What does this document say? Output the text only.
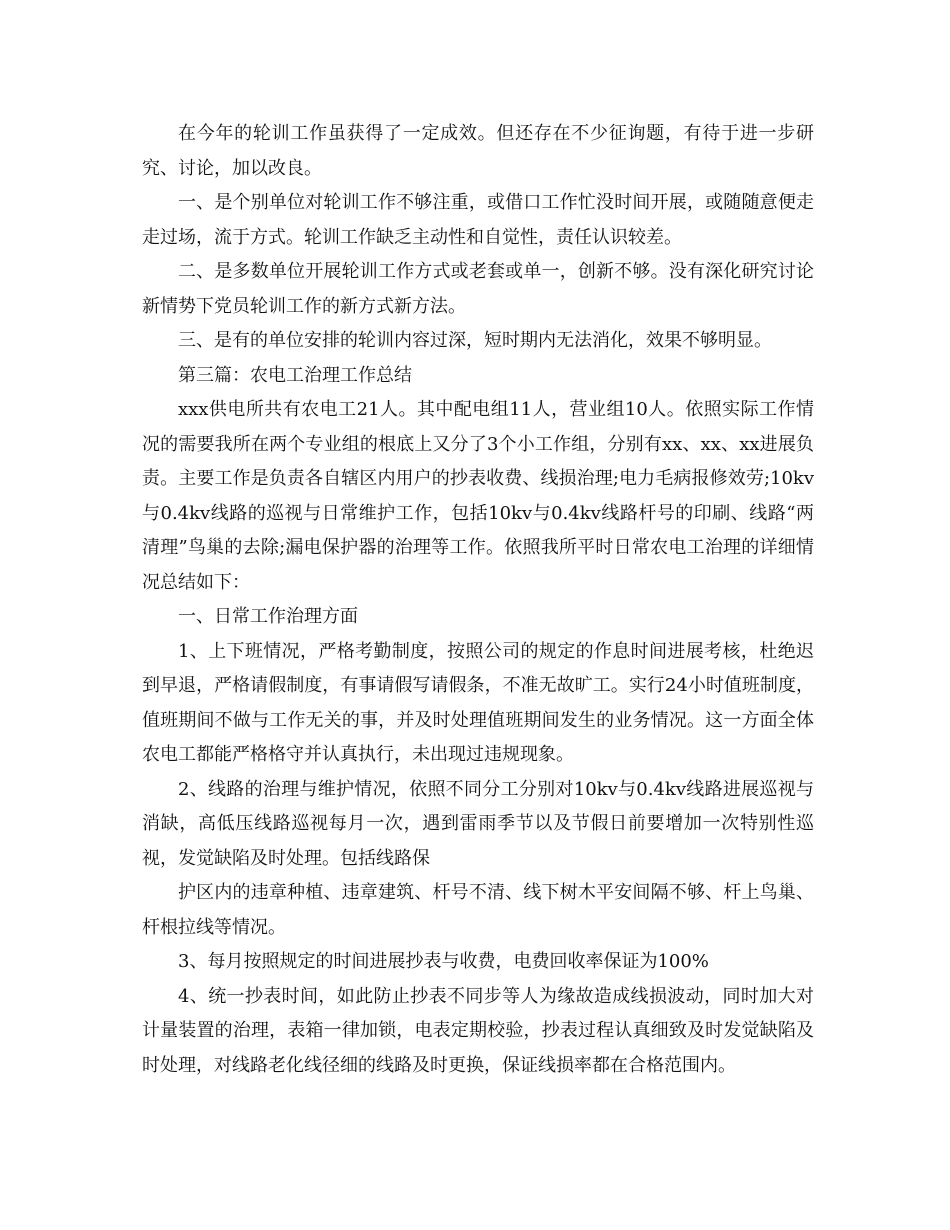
在今年的轮训工作虽获得了一定成效。但还存在不少征询题，有待于进一步研究、讨论，加以改良。

一、是个别单位对轮训工作不够注重，或借口工作忙没时间开展，或随随意便走走过场，流于方式。轮训工作缺乏主动性和自觉性，责任认识较差。

二、是多数单位开展轮训工作方式或老套或单一，创新不够。没有深化研究讨论新情势下党员轮训工作的新方式新方法。

三、是有的单位安排的轮训内容过深，短时期内无法消化，效果不够明显。

第三篇：农电工治理工作总结

xxx供电所共有农电工21人。其中配电组11人，营业组10人。依照实际工作情况的需要我所在两个专业组的根底上又分了3个小工作组，分别有xx、xx、xx进展负责。主要工作是负责各自辖区内用户的抄表收费、线损治理;电力毛病报修效劳;10kv与0.4kv线路的巡视与日常维护工作，包括10kv与0.4kv线路杆号的印刷、线路“两清理”鸟巢的去除;漏电保护器的治理等工作。依照我所平时日常农电工治理的详细情况总结如下：

一、日常工作治理方面

1、上下班情况，严格考勤制度，按照公司的规定的作息时间进展考核，杜绝迟到早退，严格请假制度，有事请假写请假条，不准无故旷工。实行24小时值班制度，值班期间不做与工作无关的事，并及时处理值班期间发生的业务情况。这一方面全体农电工都能严格格守并认真执行，未出现过违规现象。

2、线路的治理与维护情况，依照不同分工分别对10kv与0.4kv线路进展巡视与消缺，高低压线路巡视每月一次，遇到雷雨季节以及节假日前要增加一次特别性巡视，发觉缺陷及时处理。包括线路保

护区内的违章种植、违章建筑、杆号不清、线下树木平安间隔不够、杆上鸟巢、杆根拉线等情况。

3、每月按照规定的时间进展抄表与收费，电费回收率保证为100%

4、统一抄表时间，如此防止抄表不同步等人为缘故造成线损波动，同时加大对计量装置的治理，表箱一律加锁，电表定期校验，抄表过程认真细致及时发觉缺陷及时处理，对线路老化线径细的线路及时更换，保证线损率都在合格范围内。
